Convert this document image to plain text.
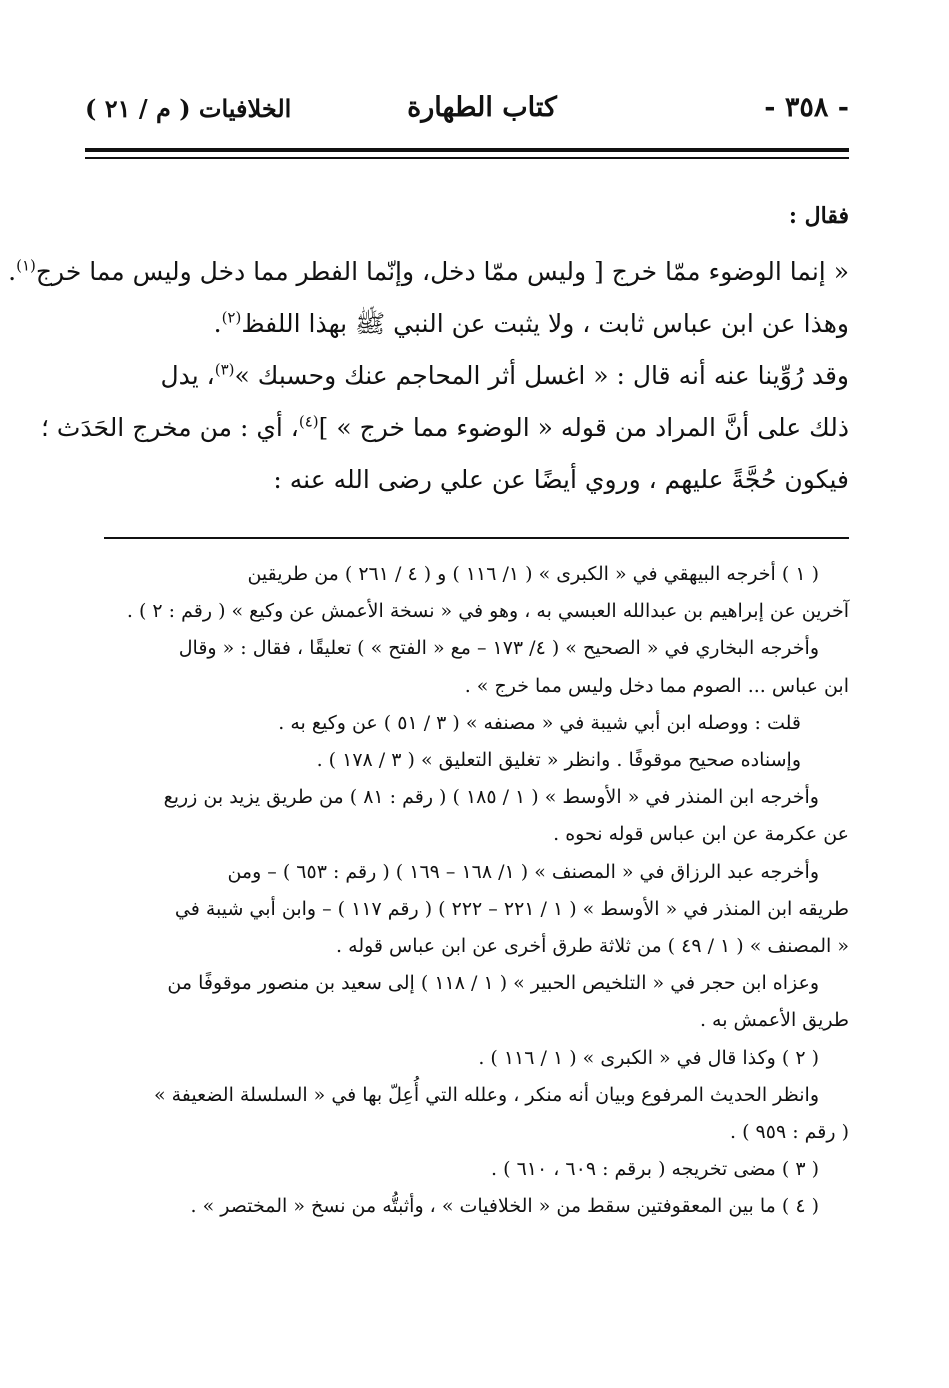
- ٣٥٨ -
كتاب الطهارة
الخلافيات ( م / ٢١ )

فقال :

« إنما الوضوء ممّا خرج [ وليس ممّا دخل، وإنّما الفطر مما دخل وليس مما خرج$^{(١)}$.

وهذا عن ابن عباس ثابت ، ولا يثبت عن النبي ﷺ بهذا اللفظ$^{(٢)}$.

وقد رُوِّينا عنه أنه قال : « اغسل أثر المحاجم عنك وحسبك »$^{(٣)}$، يدل

ذلك على أنَّ المراد من قوله « الوضوء مما خرج » ]$^{(٤)}$، أي : من مخرج الحَدَث ؛

فيكون حُجَّةً عليهم ، وروي أيضًا عن علي رضى الله عنه :

( ١ ) أخرجه البيهقي في « الكبرى » ( ١/ ١١٦ ) و ( ٤ / ٢٦١ ) من طريقين

آخرين عن إبراهيم بن عبدالله العبسي به ، وهو في « نسخة الأعمش عن وكيع » ( رقم : ٢ ) .

وأخرجه البخاري في « الصحيح » ( ٤/ ١٧٣ – مع « الفتح » ) تعليقًا ، فقال : « وقال

ابن عباس ... الصوم مما دخل وليس مما خرج » .

قلت : ووصله ابن أبي شيبة في « مصنفه » ( ٣ / ٥١ ) عن وكيع به .

وإسناده صحيح موقوفًا . وانظر « تغليق التعليق » ( ٣ / ١٧٨ ) .

وأخرجه ابن المنذر في « الأوسط » ( ١ / ١٨٥ ) ( رقم : ٨١ ) من طريق يزيد بن زريع

عن عكرمة عن ابن عباس قوله نحوه .

وأخرجه عبد الرزاق في « المصنف » ( ١/ ١٦٨ – ١٦٩ ) ( رقم : ٦٥٣ ) – ومن

طريقه ابن المنذر في « الأوسط » ( ١ / ٢٢١ – ٢٢٢ ) ( رقم ١١٧ ) – وابن أبي شيبة في

« المصنف » ( ١ / ٤٩ ) من ثلاثة طرق أخرى عن ابن عباس قوله .

وعزاه ابن حجر في « التلخيص الحبير » ( ١ / ١١٨ ) إلى سعيد بن منصور موقوفًا من

طريق الأعمش به .

( ٢ ) وكذا قال في « الكبرى » ( ١ / ١١٦ ) .

وانظر الحديث المرفوع وبيان أنه منكر ، وعلله التي أُعِلّ بها في « السلسلة الضعيفة »

( رقم : ٩٥٩ ) .

( ٣ ) مضى تخريجه ( برقم : ٦٠٩ ، ٦١٠ ) .

( ٤ ) ما بين المعقوفتين سقط من « الخلافيات » ، وأثبتُّه من نسخ « المختصر » .
